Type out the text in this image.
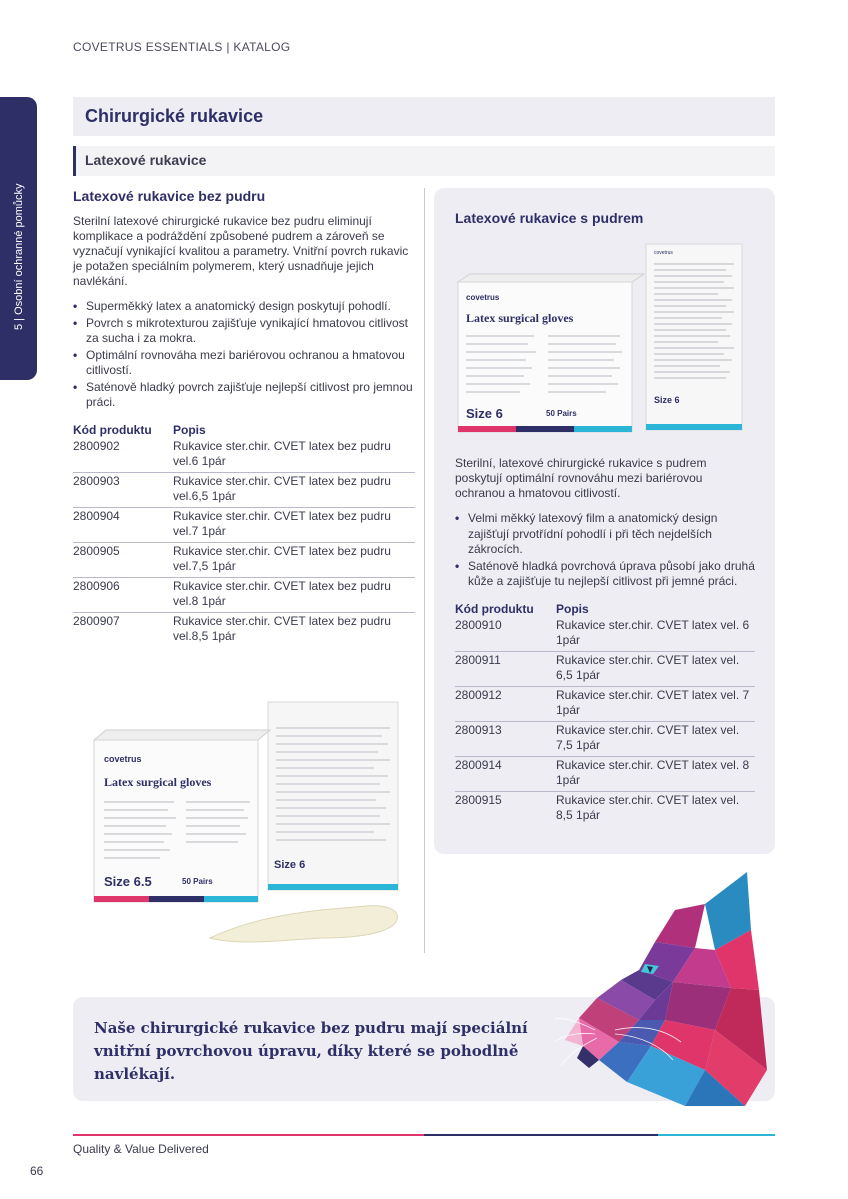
COVETRUS ESSENTIALS | KATALOG
5 | Osobní ochranné pomůcky
Chirurgické rukavice
Latexové rukavice
Latexové rukavice bez pudru

Sterilní latexové chirurgické rukavice bez pudru eliminují komplikace a podráždění způsobené pudrem a zároveň se vyznačují vynikající kvalitou a parametry. Vnitřní povrch rukavic je potažen speciálním polymerem, který usnadňuje jejich navlékání.

• Superměkký latex a anatomický design poskytují pohodlí.
• Povrch s mikrotexturou zajišťuje vynikající hmatovou citlivost za sucha i za mokra.
• Optimální rovnováha mezi bariérovou ochranou a hmatovou citlivostí.
• Saténově hladký povrch zajišťuje nejlepší citlivost pro jemnou práci.
Kód produktu	Popis
2800902	Rukavice ster.chir. CVET latex bez pudru vel.6 1pár
2800903	Rukavice ster.chir. CVET latex bez pudru vel.6,5 1pár
2800904	Rukavice ster.chir. CVET latex bez pudru vel.7 1pár
2800905	Rukavice ster.chir. CVET latex bez pudru vel.7,5 1pár
2800906	Rukavice ster.chir. CVET latex bez pudru vel.8 1pár
2800907	Rukavice ster.chir. CVET latex bez pudru vel.8,5 1pár
Latexové rukavice s pudrem

Sterilní, latexové chirurgické rukavice s pudrem poskytují optimální rovnováhu mezi bariérovou ochranou a hmatovou citlivostí.

• Velmi měkký latexový film a anatomický design zajišťují prvotřídní pohodlí i při těch nejdelších zákrocích.
• Saténově hladká povrchová úprava působí jako druhá kůže a zajišťuje tu nejlepší citlivost při jemné práci.
Kód produktu	Popis
2800910	Rukavice ster.chir. CVET latex vel. 6 1pár
2800911	Rukavice ster.chir. CVET latex vel. 6,5 1pár
2800912	Rukavice ster.chir. CVET latex vel. 7 1pár
2800913	Rukavice ster.chir. CVET latex vel. 7,5 1pár
2800914	Rukavice ster.chir. CVET latex vel. 8 1pár
2800915	Rukavice ster.chir. CVET latex vel. 8,5 1pár
covetrus
Size 6
covetrus
Latex surgical gloves
Size 6	50 Pairs
Size 6
covetrus
Latex surgical gloves
Size 6.5	50 Pairs

Naše chirurgické rukavice bez pudru mají speciální vnitřní povrchovou úpravu, díky které se pohodlně navlékají.

Quality & Value Delivered
66
